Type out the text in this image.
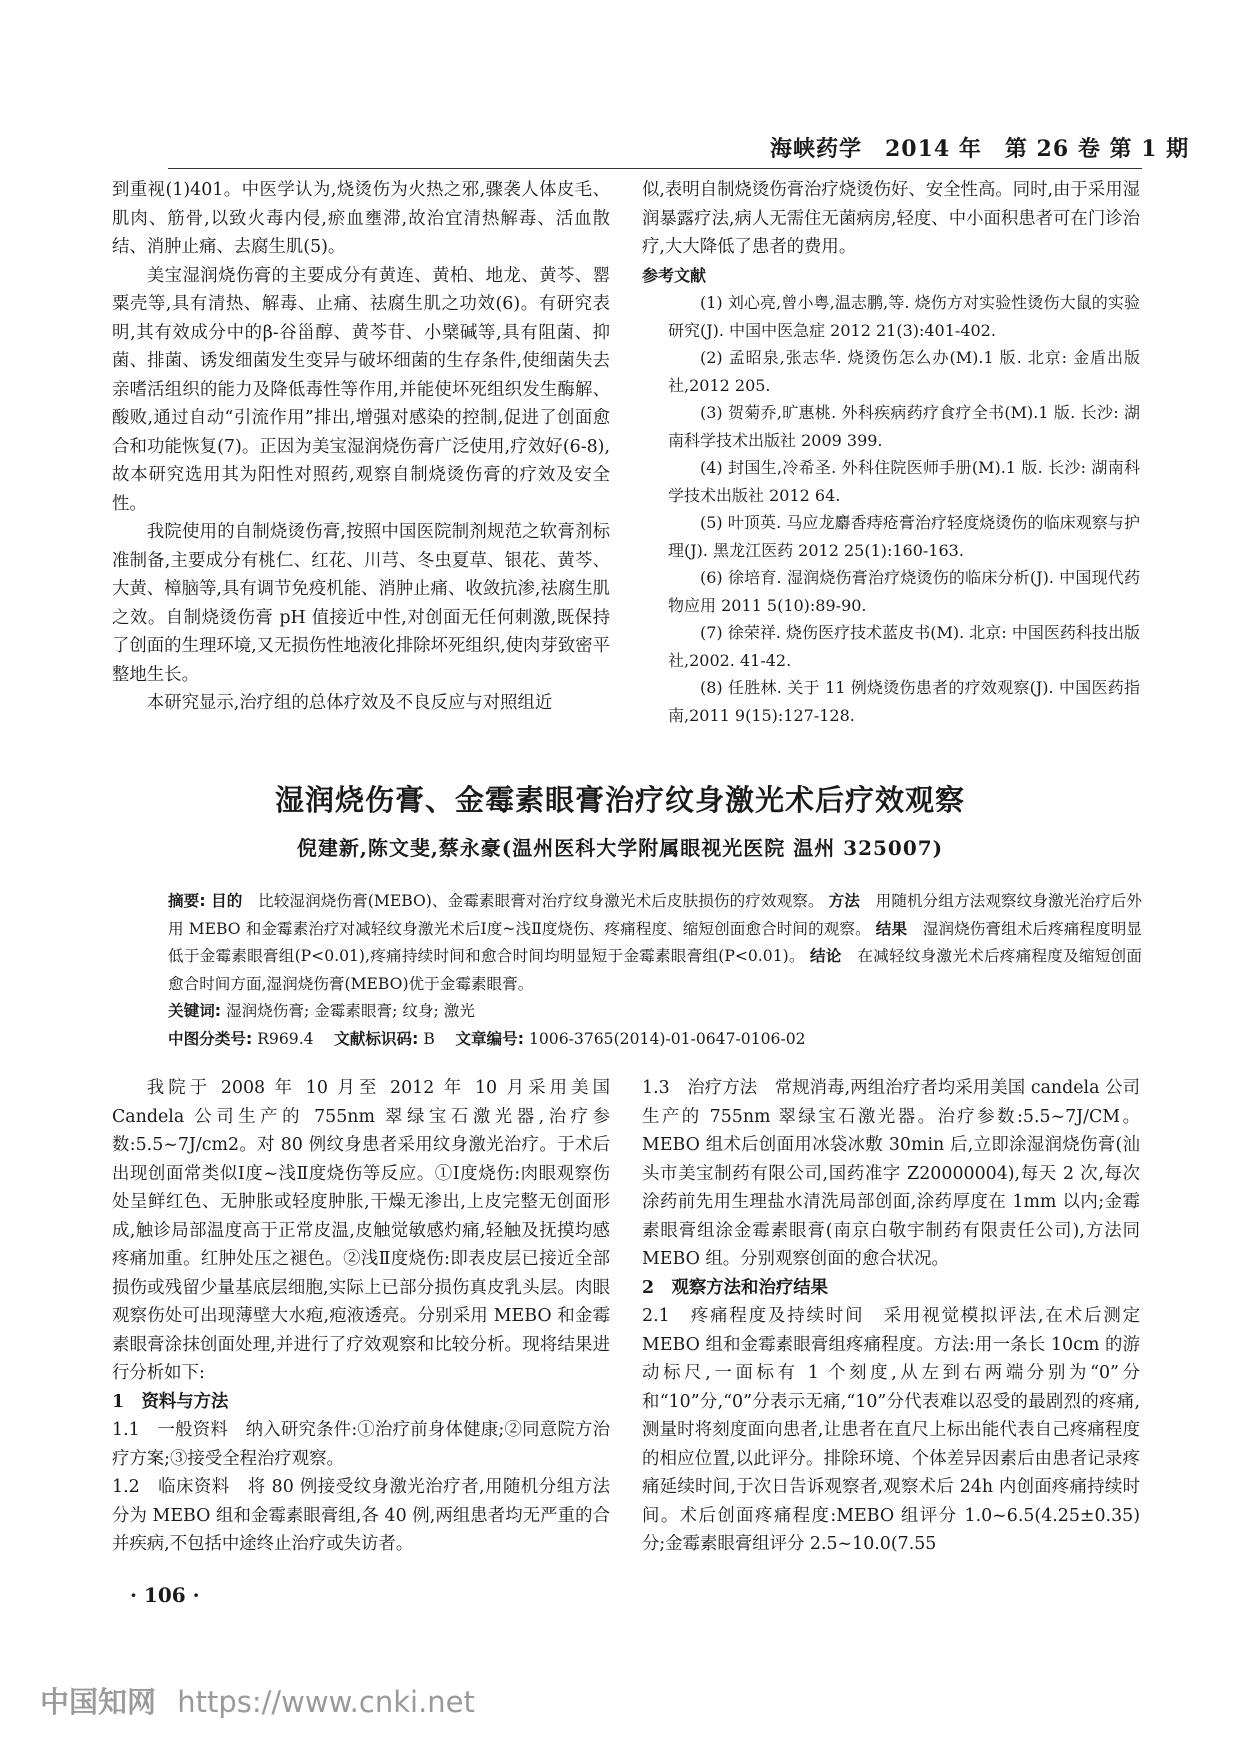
海峡药学　2014 年　第 26 卷 第 1 期

到重视(1)401。中医学认为,烧烫伤为火热之邪,骤袭人体皮毛、肌肉、筋骨,以致火毒内侵,瘀血壅滞,故治宜清热解毒、活血散结、消肿止痛、去腐生肌(5)。

美宝湿润烧伤膏的主要成分有黄连、黄柏、地龙、黄芩、罂粟壳等,具有清热、解毒、止痛、祛腐生肌之功效(6)。有研究表明,其有效成分中的β-谷甾醇、黄芩苷、小檗碱等,具有阻菌、抑菌、排菌、诱发细菌发生变异与破坏细菌的生存条件,使细菌失去亲嗜活组织的能力及降低毒性等作用,并能使坏死组织发生酶解、酸败,通过自动“引流作用”排出,增强对感染的控制,促进了创面愈合和功能恢复(7)。正因为美宝湿润烧伤膏广泛使用,疗效好(6-8),故本研究选用其为阳性对照药,观察自制烧烫伤膏的疗效及安全性。

我院使用的自制烧烫伤膏,按照中国医院制剂规范之软膏剂标准制备,主要成分有桃仁、红花、川芎、冬虫夏草、银花、黄芩、大黄、樟脑等,具有调节免疫机能、消肿止痛、收敛抗渗,祛腐生肌之效。自制烧烫伤膏 pH 值接近中性,对创面无任何刺激,既保持了创面的生理环境,又无损伤性地液化排除坏死组织,使肉芽致密平整地生长。

本研究显示,治疗组的总体疗效及不良反应与对照组近

似,表明自制烧烫伤膏治疗烧烫伤好、安全性高。同时,由于采用湿润暴露疗法,病人无需住无菌病房,轻度、中小面积患者可在门诊治疗,大大降低了患者的费用。

参考文献

(1) 刘心亮,曾小粤,温志鹏,等. 烧伤方对实验性烫伤大鼠的实验研究(J). 中国中医急症 2012 21(3):401-402.

(2) 孟昭泉,张志华. 烧烫伤怎么办(M).1 版. 北京: 金盾出版社,2012 205.

(3) 贺菊乔,旷惠桃. 外科疾病药疗食疗全书(M).1 版. 长沙: 湖南科学技术出版社 2009 399.

(4) 封国生,冷希圣. 外科住院医师手册(M).1 版. 长沙: 湖南科学技术出版社 2012 64.

(5) 叶顶英. 马应龙麝香痔疮膏治疗轻度烧烫伤的临床观察与护理(J). 黑龙江医药 2012 25(1):160-163.

(6) 徐培育. 湿润烧伤膏治疗烧烫伤的临床分析(J). 中国现代药物应用 2011 5(10):89-90.

(7) 徐荣祥. 烧伤医疗技术蓝皮书(M). 北京: 中国医药科技出版社,2002. 41-42.

(8) 任胜林. 关于 11 例烧烫伤患者的疗效观察(J). 中国医药指南,2011 9(15):127-128.

湿润烧伤膏、金霉素眼膏治疗纹身激光术后疗效观察
倪建新,陈文斐,蔡永豪(温州医科大学附属眼视光医院 温州 325007)

摘要: 目的　 比较湿润烧伤膏(MEBO)、金霉素眼膏对治疗纹身激光术后皮肤损伤的疗效观察。 方法　 用随机分组方法观察纹身激光治疗后外用 MEBO 和金霉素治疗对减轻纹身激光术后Ⅰ度~浅Ⅱ度烧伤、疼痛程度、缩短创面愈合时间的观察。 结果　 湿润烧伤膏组术后疼痛程度明显低于金霉素眼膏组(P<0.01),疼痛持续时间和愈合时间均明显短于金霉素眼膏组(P<0.01)。 结论　 在减轻纹身激光术后疼痛程度及缩短创面愈合时间方面,湿润烧伤膏(MEBO)优于金霉素眼膏。

关键词: 湿润烧伤膏; 金霉素眼膏; 纹身; 激光

中图分类号: R969.4　 文献标识码: B　 文章编号: 1006-3765(2014)-01-0647-0106-02

我院于 2008 年 10 月至 2012 年 10 月采用美国 Candela 公司生产的 755nm 翠绿宝石激光器,治疗参数:5.5~7J/cm2。对 80 例纹身患者采用纹身激光治疗。于术后出现创面常类似Ⅰ度~浅Ⅱ度烧伤等反应。①Ⅰ度烧伤:肉眼观察伤处呈鲜红色、无肿胀或轻度肿胀,干燥无渗出,上皮完整无创面形成,触诊局部温度高于正常皮温,皮触觉敏感灼痛,轻触及抚摸均感疼痛加重。红肿处压之褪色。②浅Ⅱ度烧伤:即表皮层已接近全部损伤或残留少量基底层细胞,实际上已部分损伤真皮乳头层。肉眼观察伤处可出现薄壁大水疱,疱液透亮。分别采用 MEBO 和金霉素眼膏涂抹创面处理,并进行了疗效观察和比较分析。现将结果进行分析如下:

1　资料与方法

1.1　一般资料　纳入研究条件:①治疗前身体健康;②同意院方治疗方案;③接受全程治疗观察。

1.2　临床资料　将 80 例接受纹身激光治疗者,用随机分组方法分为 MEBO 组和金霉素眼膏组,各 40 例,两组患者均无严重的合并疾病,不包括中途终止治疗或失访者。

1.3　治疗方法　常规消毒,两组治疗者均采用美国 candela 公司生产的 755nm 翠绿宝石激光器。治疗参数:5.5~7J/CM。MEBO 组术后创面用冰袋冰敷 30min 后,立即涂湿润烧伤膏(汕头市美宝制药有限公司,国药准字 Z20000004),每天 2 次,每次涂药前先用生理盐水清洗局部创面,涂药厚度在 1mm 以内;金霉素眼膏组涂金霉素眼膏(南京白敬宇制药有限责任公司),方法同 MEBO 组。分别观察创面的愈合状况。

2　观察方法和治疗结果

2.1　疼痛程度及持续时间　采用视觉模拟评法,在术后测定 MEBO 组和金霉素眼膏组疼痛程度。方法:用一条长 10cm 的游动标尺,一面标有 1 个刻度,从左到右两端分别为“0”分和“10”分,“0”分表示无痛,“10”分代表难以忍受的最剧烈的疼痛,测量时将刻度面向患者,让患者在直尺上标出能代表自己疼痛程度的相应位置,以此评分。排除环境、个体差异因素后由患者记录疼痛延续时间,于次日告诉观察者,观察术后 24h 内创面疼痛持续时间。术后创面疼痛程度:MEBO 组评分 1.0~6.5(4.25±0.35)分;金霉素眼膏组评分 2.5~10.0(7.55

· 106 ·
中国知网 https://www.cnki.net
